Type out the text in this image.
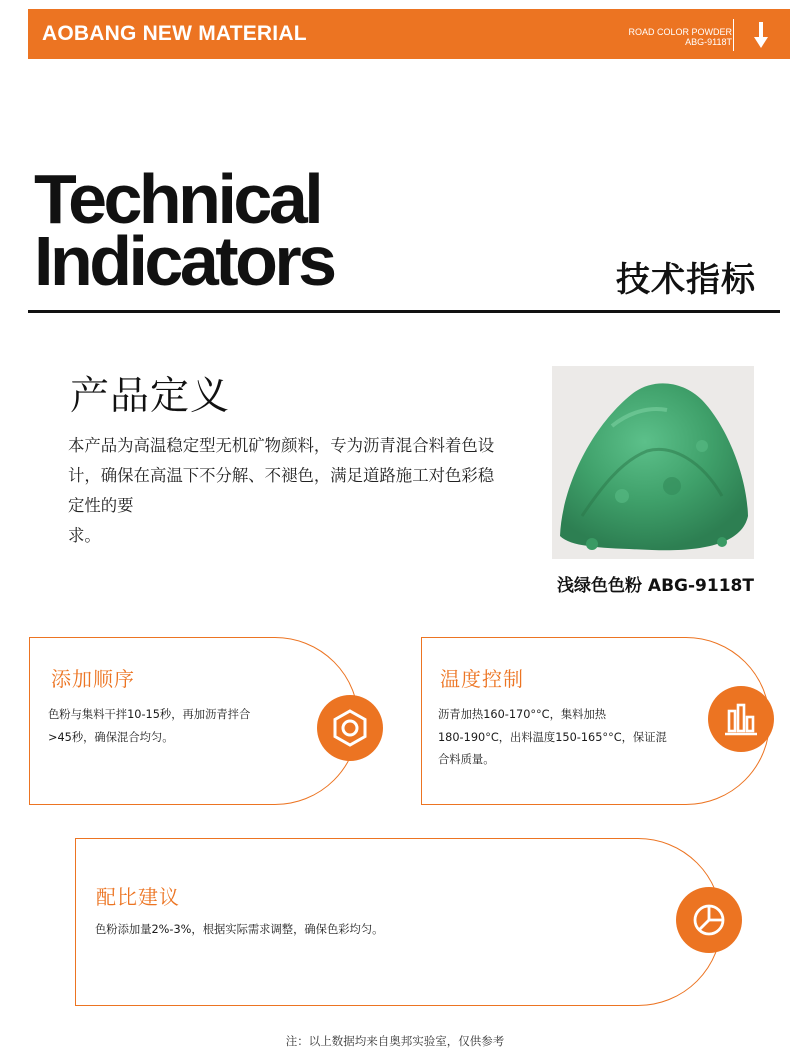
AOBANG NEW MATERIAL	ROAD COLOR POWDER
ABG-9118T
Technical
Indicators	技术指标
产品定义
本产品为高温稳定型无机矿物颜料，专为沥青混合料着色设
计，确保在高温下不分解、不褪色，满足道路施工对色彩稳
定性的要
求。
浅绿色色粉 ABG-9118T
添加顺序
色粉与集料干拌10-15秒，再加沥青拌合
>45秒，确保混合均匀。
温度控制
沥青加热160-170°°C，集料加热
180-190°C，出料温度150-165°°C，保证混
合料质量。
配比建议
色粉添加量2%-3%，根据实际需求调整，确保色彩均匀。
注：以上数据均来自奥邦实验室，仅供参考
